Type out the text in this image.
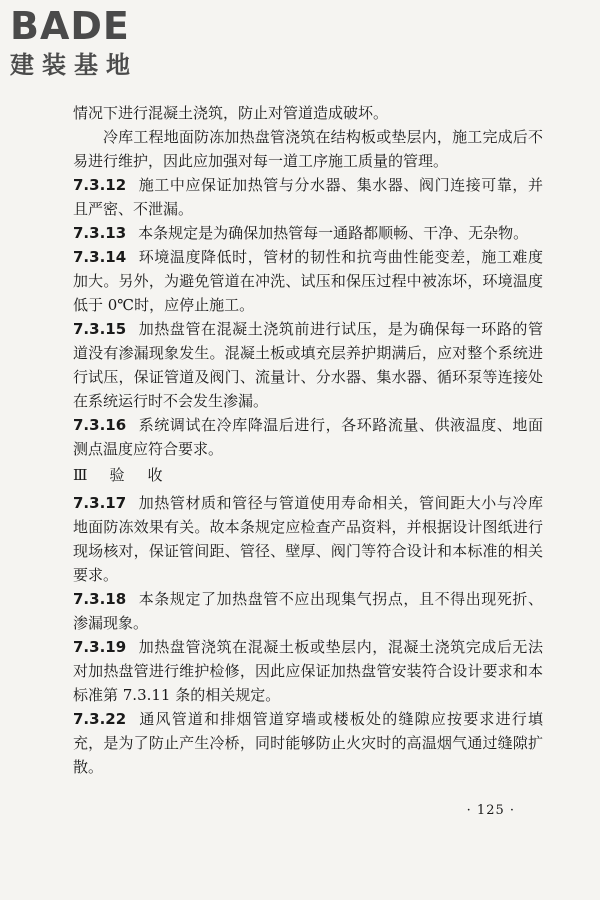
BADE
建装基地

情况下进行混凝土浇筑，防止对管道造成破坏。

冷库工程地面防冻加热盘管浇筑在结构板或垫层内，施工完成后不易进行维护，因此应加强对每一道工序施工质量的管理。

7.3.12 施工中应保证加热管与分水器、集水器、阀门连接可靠，并且严密、不泄漏。

7.3.13 本条规定是为确保加热管每一通路都顺畅、干净、无杂物。

7.3.14 环境温度降低时，管材的韧性和抗弯曲性能变差，施工难度加大。另外，为避免管道在冲洗、试压和保压过程中被冻坏，环境温度低于 0℃时，应停止施工。

7.3.15 加热盘管在混凝土浇筑前进行试压，是为确保每一环路的管道没有渗漏现象发生。混凝土板或填充层养护期满后，应对整个系统进行试压，保证管道及阀门、流量计、分水器、集水器、循环泵等连接处在系统运行时不会发生渗漏。

7.3.16 系统调试在冷库降温后进行，各环路流量、供液温度、地面测点温度应符合要求。

Ⅲ 验　收

7.3.17 加热管材质和管径与管道使用寿命相关，管间距大小与冷库地面防冻效果有关。故本条规定应检查产品资料，并根据设计图纸进行现场核对，保证管间距、管径、壁厚、阀门等符合设计和本标准的相关要求。

7.3.18 本条规定了加热盘管不应出现集气拐点，且不得出现死折、渗漏现象。

7.3.19 加热盘管浇筑在混凝土板或垫层内，混凝土浇筑完成后无法对加热盘管进行维护检修，因此应保证加热盘管安装符合设计要求和本标准第 7.3.11 条的相关规定。

7.3.22 通风管道和排烟管道穿墙或楼板处的缝隙应按要求进行填充，是为了防止产生冷桥，同时能够防止火灾时的高温烟气通过缝隙扩散。

· 125 ·
